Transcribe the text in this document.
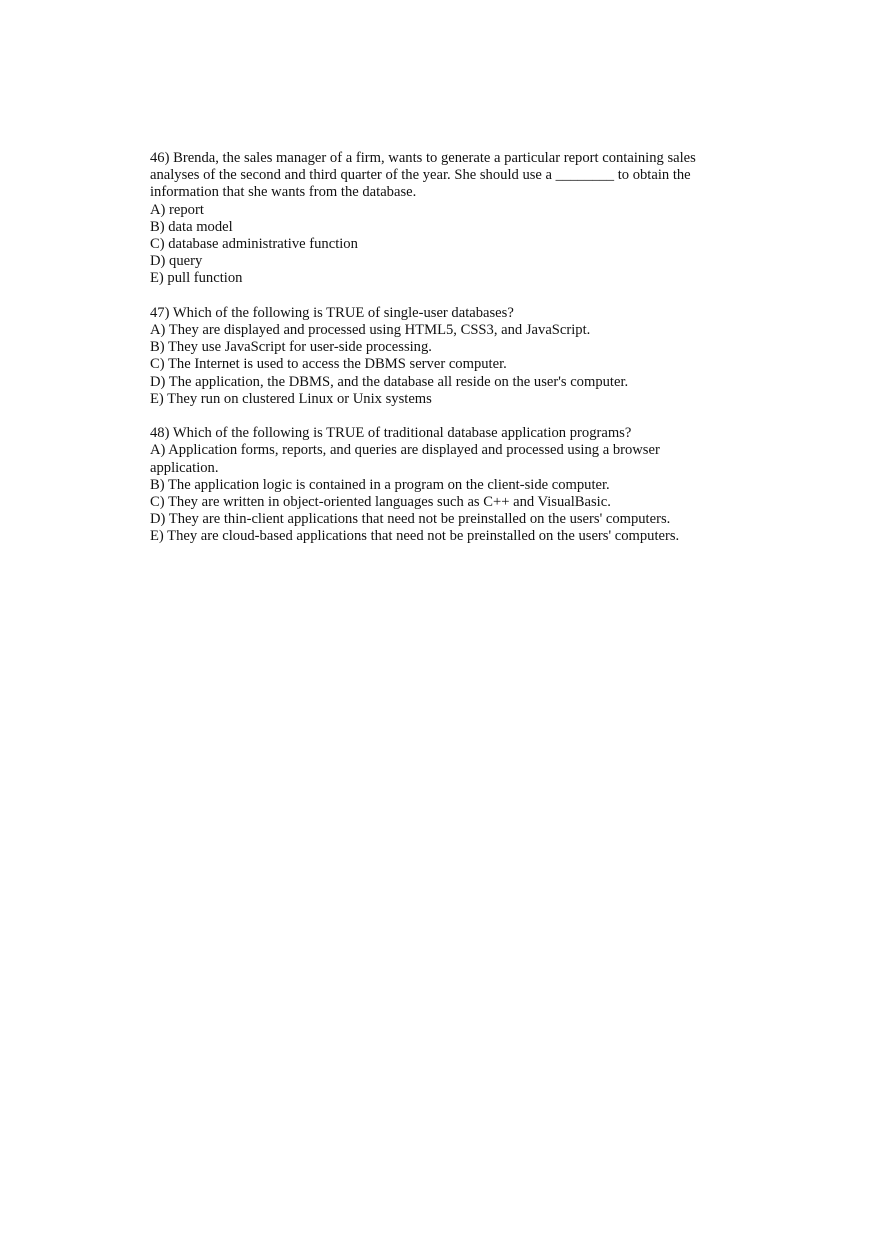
46) Brenda, the sales manager of a firm, wants to generate a particular report containing sales analyses of the second and third quarter of the year. She should use a ________ to obtain the information that she wants from the database.

A) report

B) data model

C) database administrative function

D) query

E) pull function

47) Which of the following is TRUE of single-user databases?

A) They are displayed and processed using HTML5, CSS3, and JavaScript.

B) They use JavaScript for user-side processing.

C) The Internet is used to access the DBMS server computer.

D) The application, the DBMS, and the database all reside on the user's computer.

E) They run on clustered Linux or Unix systems

48) Which of the following is TRUE of traditional database application programs?

A) Application forms, reports, and queries are displayed and processed using a browser application.

B) The application logic is contained in a program on the client-side computer.

C) They are written in object-oriented languages such as C++ and VisualBasic.

D) They are thin-client applications that need not be preinstalled on the users' computers.

E) They are cloud-based applications that need not be preinstalled on the users' computers.
